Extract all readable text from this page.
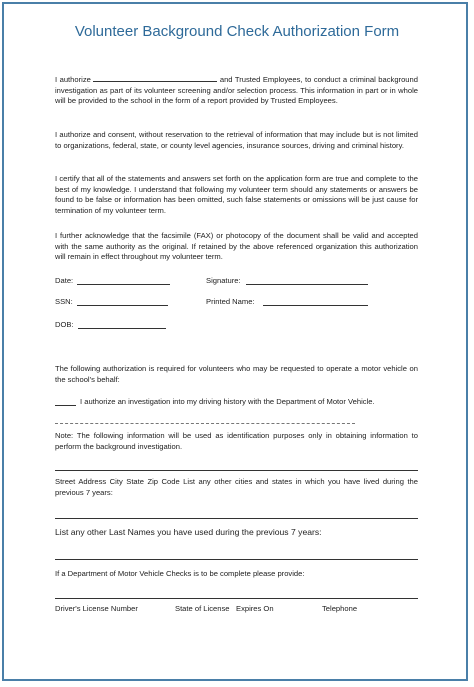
Volunteer Background Check Authorization Form

I authorize	and Trusted Employees, to conduct a criminal background investigation as part of its volunteer screening and/or selection process. This information in part or in whole will be provided to the school in the form of a report provided by Trusted Employees.

I authorize and consent, without reservation to the retrieval of information that may include but is not limited to organizations, federal, state, or county level agencies, insurance sources, driving and criminal history.

I certify that all of the statements and answers set forth on the application form are true and complete to the best of my knowledge. I understand that following my volunteer term should any statements or answers be found to be false or information has been omitted, such false statements or omissions will be just cause for termination of my volunteer term.

I further acknowledge that the facsimile (FAX) or photocopy of the document shall be valid and accepted with the same authority as the original. If retained by the above referenced organization this authorization will remain in effect throughout my volunteer term.

Date:	Signature:
SSN:	Printed Name:
DOB:

The following authorization is required for volunteers who may be requested to operate a motor vehicle on the school's behalf:

I authorize an investigation into my driving history with the Department of Motor Vehicle.

Note: The following information will be used as identification purposes only in obtaining information to perform the background investigation.

Street Address City State Zip Code List any other cities and states in which you have lived during the previous 7 years:

List any other Last Names you have used during the previous 7 years:
If a Department of Motor Vehicle Checks is to be complete please provide:
Driver's License Number	State of License Expires On	Telephone
